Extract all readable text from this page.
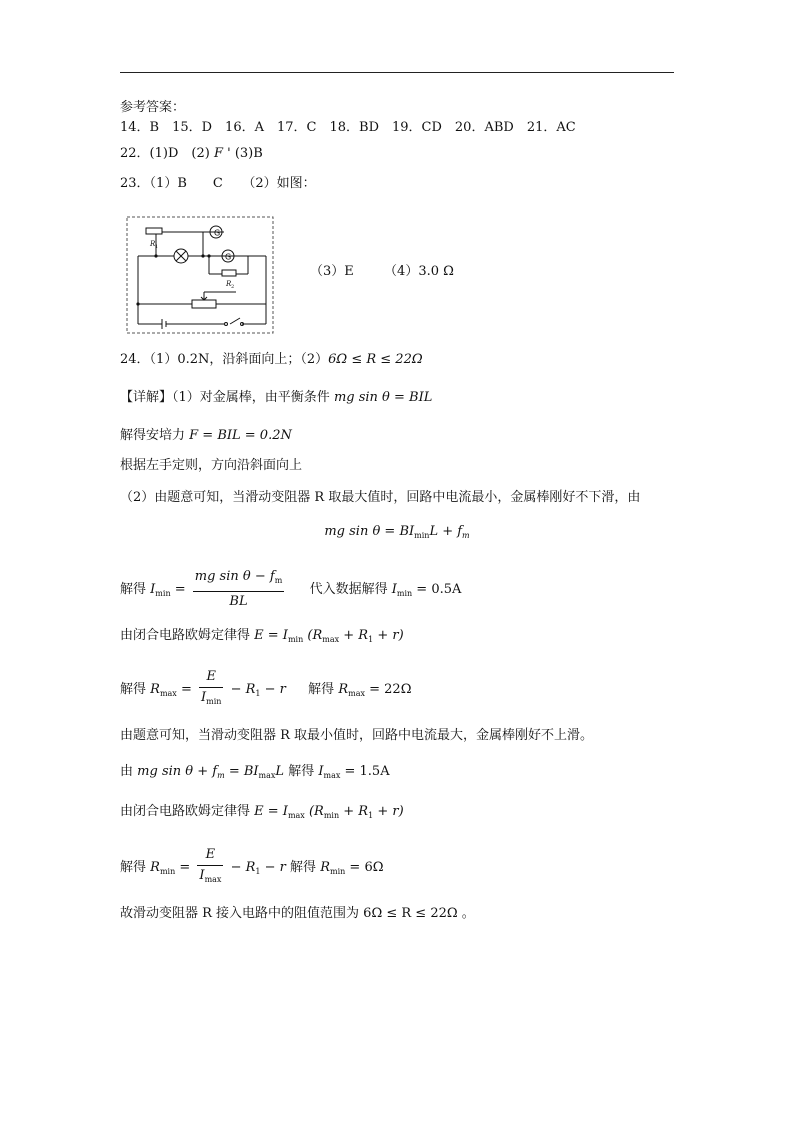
参考答案：
14．B　15．D　16．A　17．C　18．BD　19．CD　20．ABD　21．AC
22．(1)D　(2) F ' (3)B
23．（1）B　　C　　（2）如图：
G
G
R 1
R 2
（3）E （4）3.0 Ω
24．（1）0.2N，沿斜面向上；（2）6Ω ≤ R ≤ 22Ω
【详解】（1）对金属棒，由平衡条件 mg sin θ = BIL
解得安培力 F = BIL = 0.2N
根据左手定则，方向沿斜面向上
（2）由题意可知，当滑动变阻器 R 取最大值时，回路中电流最小，金属棒刚好不下滑，由
mg $\sin \theta = BI_{min}L + f_m$
解得 $I_{min} = \frac{mg \sin \theta - f_m}{BL}$ 代入数据解得 $I_{min} = 0.5A$
由闭合电路欧姆定律得 $E = I_{min}$ $(R_{max} + R_1 + r)$
解得 $R_{max} = \frac{E}{I_{min}} - R_1 - r$ 解得 $R_{max} = 22\Omega$
由题意可知，当滑动变阻器 R 取最小值时，回路中电流最大，金属棒刚好不上滑。
由 mg $\sin \theta + f_m = BI_{max}L$ 解得 $I_{max} = 1.5A$
由闭合电路欧姆定律得 $E = I_{max}$ $(R_{min} + R_1 + r)$
解得 $R_{min} = \frac{E}{I_{max}} - R_1 - r$ 解得 $R_{min} = 6\Omega$
故滑动变阻器 R 接入电路中的阻值范围为 6Ω ≤ R ≤ 22Ω 。
